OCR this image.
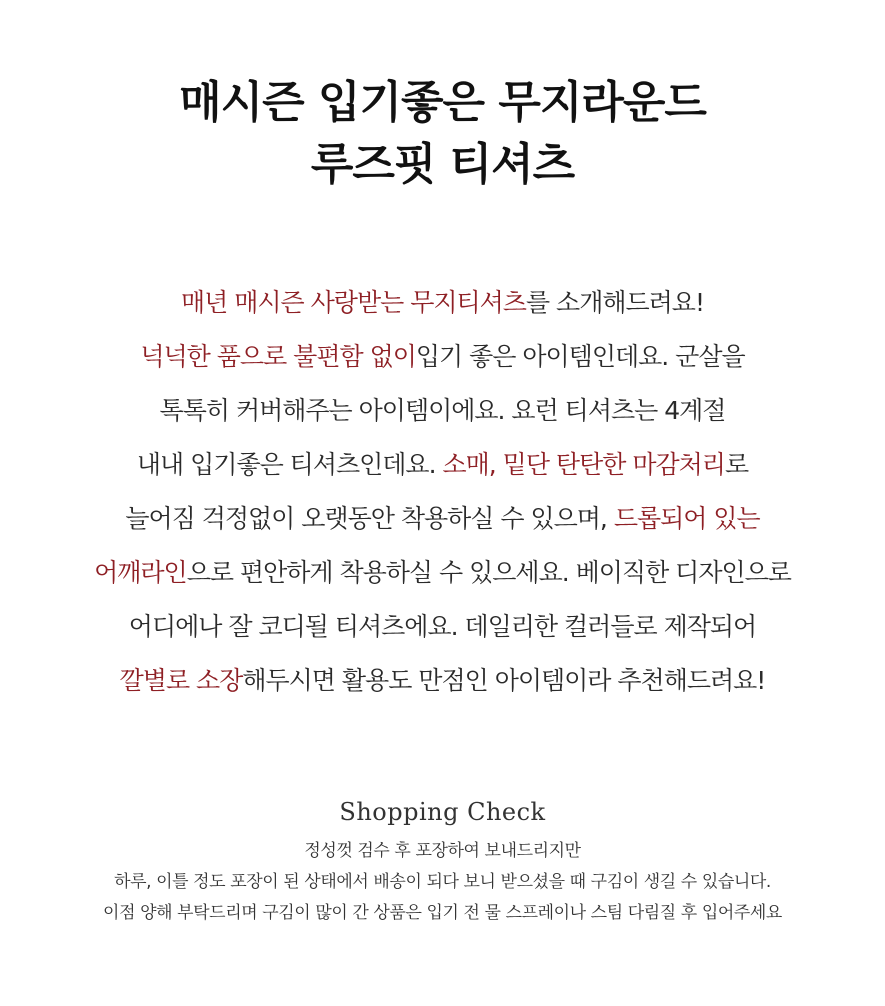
매시즌 입기좋은 무지라운드
루즈핏 티셔츠
매년 매시즌 사랑받는 무지티셔츠를 소개해드려요!
넉넉한 품으로 불편함 없이입기 좋은 아이템인데요. 군살을
톡톡히 커버해주는 아이템이에요. 요런 티셔츠는 4계절
내내 입기좋은 티셔츠인데요. 소매, 밑단 탄탄한 마감처리로
늘어짐 걱정없이 오랫동안 착용하실 수 있으며, 드롭되어 있는
어깨라인으로 편안하게 착용하실 수 있으세요. 베이직한 디자인으로
어디에나 잘 코디될 티셔츠에요. 데일리한 컬러들로 제작되어
깔별로 소장해두시면 활용도 만점인 아이템이라 추천해드려요!
Shopping Check
정성껏 검수 후 포장하여 보내드리지만
하루, 이틀 정도 포장이 된 상태에서 배송이 되다 보니 받으셨을 때 구김이 생길 수 있습니다.
이점 양해 부탁드리며 구김이 많이 간 상품은 입기 전 물 스프레이나 스팀 다림질 후 입어주세요
